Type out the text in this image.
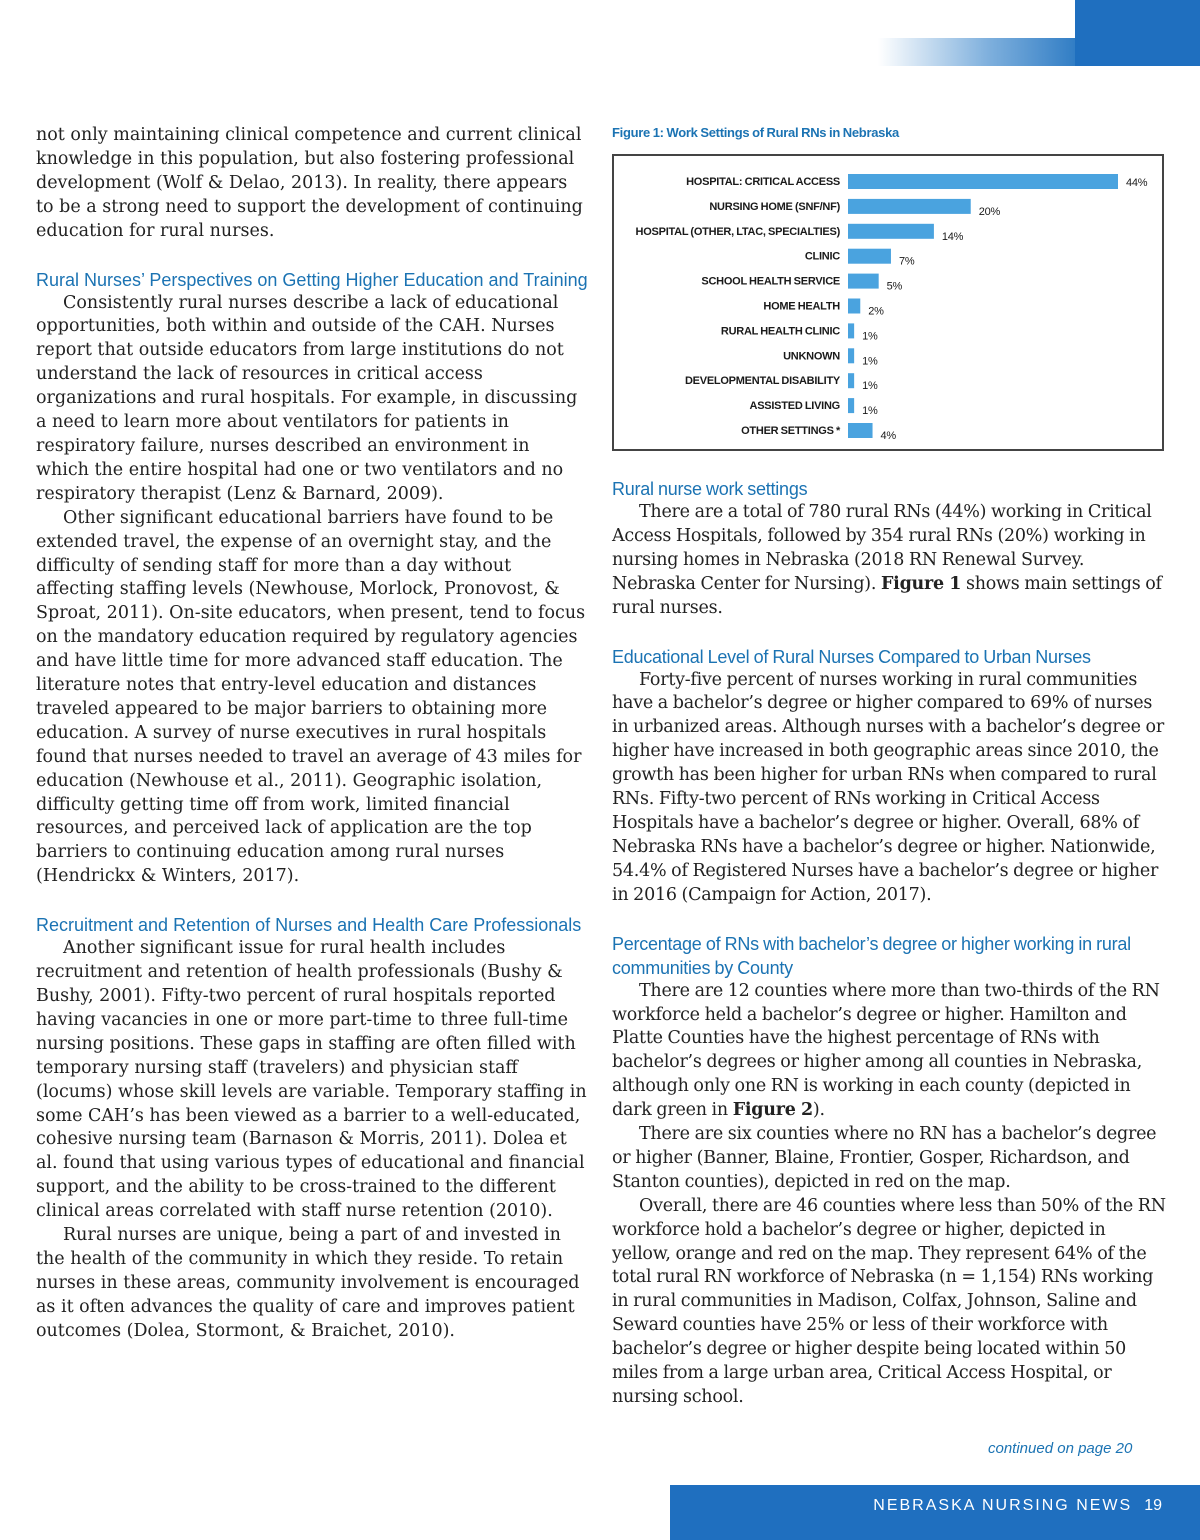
not only maintaining clinical competence and current clinical knowledge in this population, but also fostering professional development (Wolf & Delao, 2013). In reality, there appears to be a strong need to support the development of continuing education for rural nurses.

Rural Nurses’ Perspectives on Getting Higher Education and Training

Consistently rural nurses describe a lack of educational opportunities, both within and outside of the CAH. Nurses report that outside educators from large institutions do not understand the lack of resources in critical access organizations and rural hospitals. For example, in discussing a need to learn more about ventilators for patients in respiratory failure, nurses described an environment in which the entire hospital had one or two ventilators and no respiratory therapist (Lenz & Barnard, 2009).

Other significant educational barriers have found to be extended travel, the expense of an overnight stay, and the difficulty of sending staff for more than a day without affecting staffing levels (Newhouse, Morlock, Pronovost, & Sproat, 2011). On-site educators, when present, tend to focus on the mandatory education required by regulatory agencies and have little time for more advanced staff education. The literature notes that entry-level education and distances traveled appeared to be major barriers to obtaining more education. A survey of nurse executives in rural hospitals found that nurses needed to travel an average of 43 miles for education (Newhouse et al., 2011). Geographic isolation, difficulty getting time off from work, limited financial resources, and perceived lack of application are the top barriers to continuing education among rural nurses (Hendrickx & Winters, 2017).

Recruitment and Retention of Nurses and Health Care Professionals

Another significant issue for rural health includes recruitment and retention of health professionals (Bushy & Bushy, 2001). Fifty-two percent of rural hospitals reported having vacancies in one or more part-time to three full-time nursing positions. These gaps in staffing are often filled with temporary nursing staff (travelers) and physician staff (locums) whose skill levels are variable. Temporary staffing in some CAH’s has been viewed as a barrier to a well-educated, cohesive nursing team (Barnason & Morris, 2011). Dolea et al. found that using various types of educational and financial support, and the ability to be cross-trained to the different clinical areas correlated with staff nurse retention (2010).

Rural nurses are unique, being a part of and invested in the health of the community in which they reside. To retain nurses in these areas, community involvement is encouraged as it often advances the quality of care and improves patient outcomes (Dolea, Stormont, & Braichet, 2010).

Figure 1: Work Settings of Rural RNs in Nebraska
HOSPITAL: CRITICAL ACCESS	44%
NURSING HOME (SNF/NF)	20%
HOSPITAL (OTHER, LTAC, SPECIALTIES)	14%
CLINIC	7%
SCHOOL HEALTH SERVICE	5%
HOME HEALTH	2%
RURAL HEALTH CLINIC 1%
UNKNOWN 1%
DEVELOPMENTAL DISABILITY 1%
ASSISTED LIVING 1%
OTHER SETTINGS *	4%
Rural nurse work settings

There are a total of 780 rural RNs (44%) working in Critical Access Hospitals, followed by 354 rural RNs (20%) working in nursing homes in Nebraska (2018 RN Renewal Survey. Nebraska Center for Nursing). Figure 1 shows main settings of rural nurses.

Educational Level of Rural Nurses Compared to Urban Nurses

Forty-five percent of nurses working in rural communities have a bachelor’s degree or higher compared to 69% of nurses in urbanized areas. Although nurses with a bachelor’s degree or higher have increased in both geographic areas since 2010, the growth has been higher for urban RNs when compared to rural RNs. Fifty-two percent of RNs working in Critical Access Hospitals have a bachelor’s degree or higher. Overall, 68% of Nebraska RNs have a bachelor’s degree or higher. Nationwide, 54.4% of Registered Nurses have a bachelor’s degree or higher in 2016 (Campaign for Action, 2017).

Percentage of RNs with bachelor’s degree or higher working in rural communities by County

There are 12 counties where more than two-thirds of the RN workforce held a bachelor’s degree or higher. Hamilton and Platte Counties have the highest percentage of RNs with bachelor’s degrees or higher among all counties in Nebraska, although only one RN is working in each county (depicted in dark green in Figure 2).

There are six counties where no RN has a bachelor’s degree or higher (Banner, Blaine, Frontier, Gosper, Richardson, and Stanton counties), depicted in red on the map.

Overall, there are 46 counties where less than 50% of the RN workforce hold a bachelor’s degree or higher, depicted in yellow, orange and red on the map. They represent 64% of the total rural RN workforce of Nebraska (n = 1,154) RNs working in rural communities in Madison, Colfax, Johnson, Saline and Seward counties have 25% or less of their workforce with bachelor’s degree or higher despite being located within 50 miles from a large urban area, Critical Access Hospital, or nursing school.

continued on page 20
NEBRASKA NURSING NEWS 19
